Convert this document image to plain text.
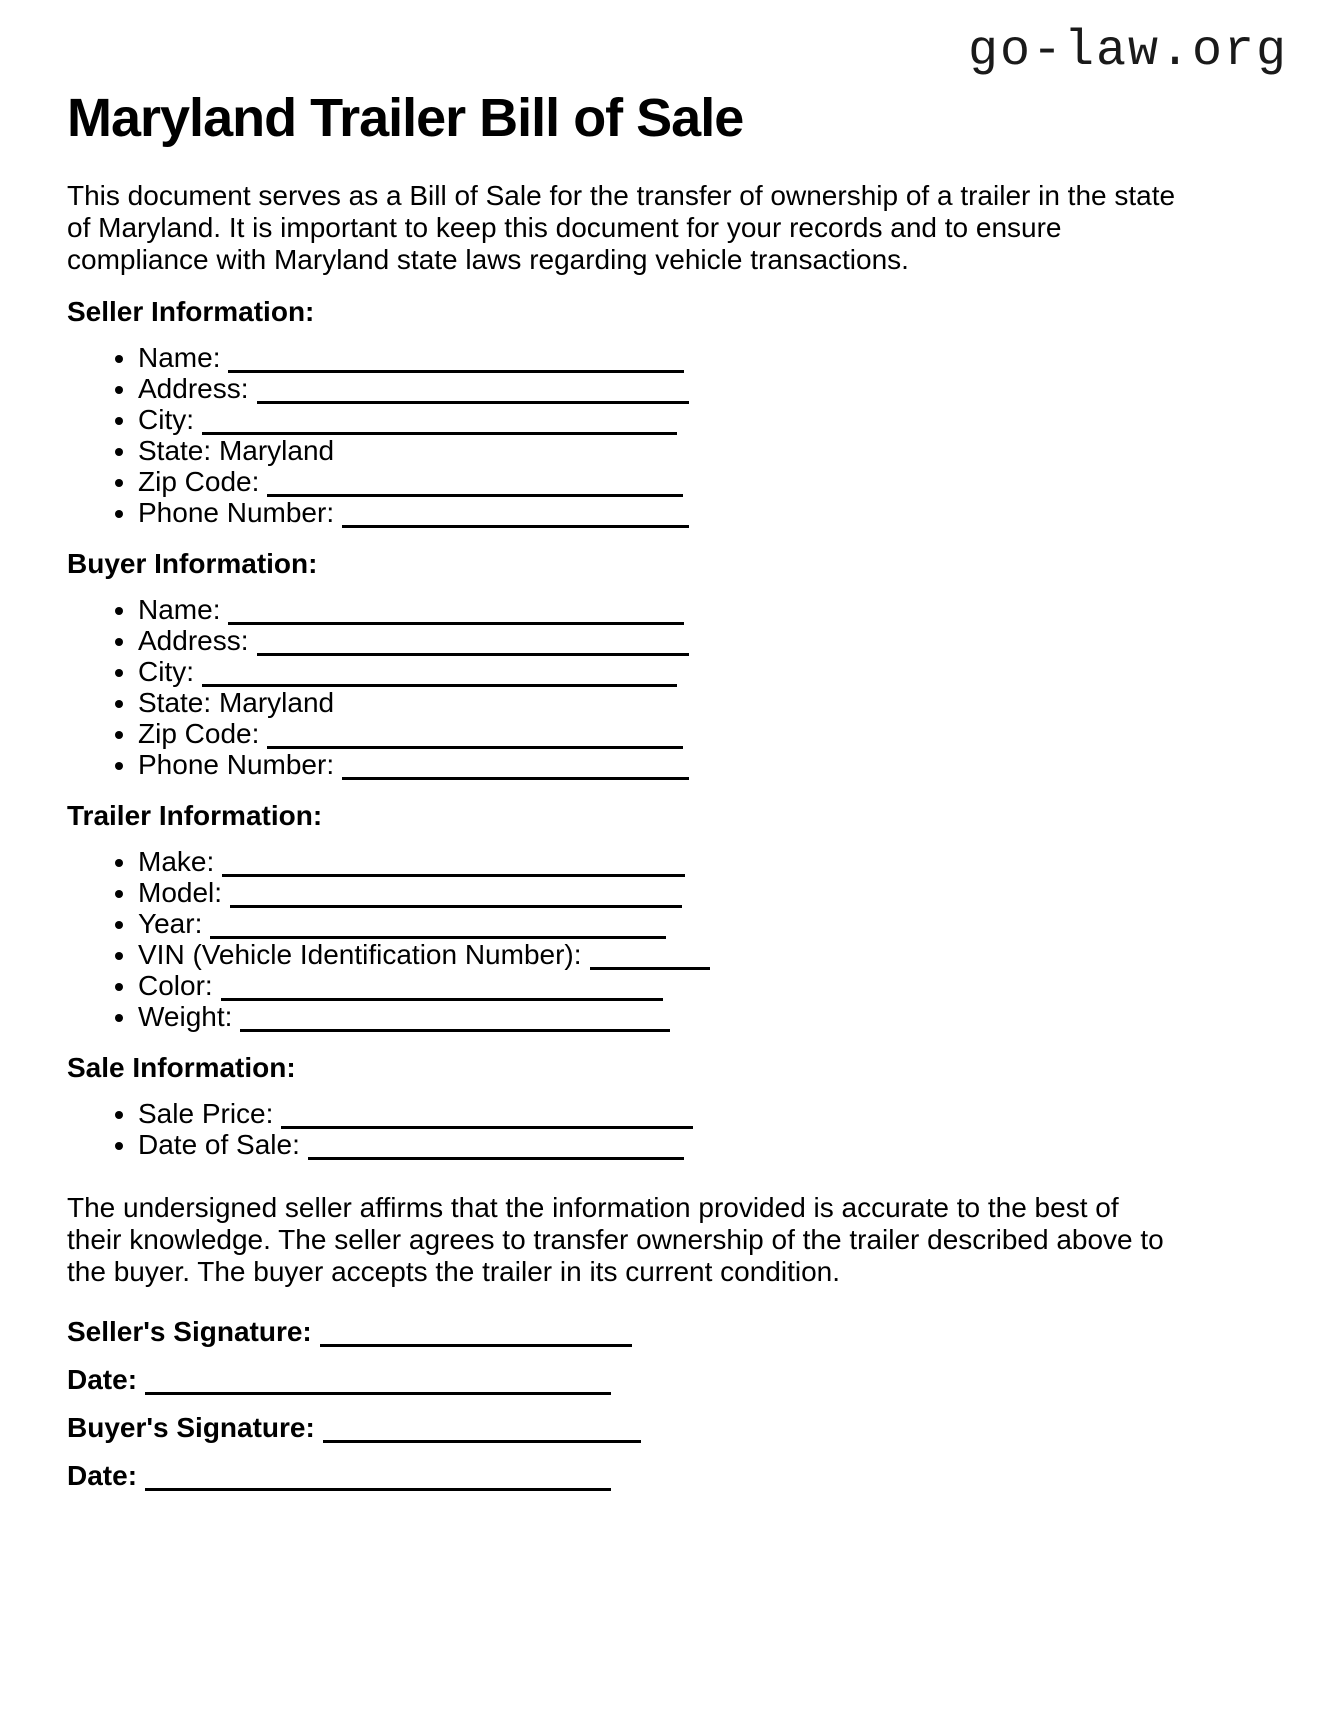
go-law.org
Maryland Trailer Bill of Sale
This document serves as a Bill of Sale for the transfer of ownership of a trailer in the state
of Maryland. It is important to keep this document for your records and to ensure
compliance with Maryland state laws regarding vehicle transactions.
Seller Information:
• Name:
• Address:
• City:
• State: Maryland
• Zip Code:
• Phone Number:
Buyer Information:
• Name:
• Address:
• City:
• State: Maryland
• Zip Code:
• Phone Number:
Trailer Information:
• Make:
• Model:
• Year:
• VIN (Vehicle Identification Number):
• Color:
• Weight:
Sale Information:
• Sale Price:
• Date of Sale:
The undersigned seller affirms that the information provided is accurate to the best of
their knowledge. The seller agrees to transfer ownership of the trailer described above to
the buyer. The buyer accepts the trailer in its current condition.
Seller's Signature:
Date:
Buyer's Signature:
Date:
